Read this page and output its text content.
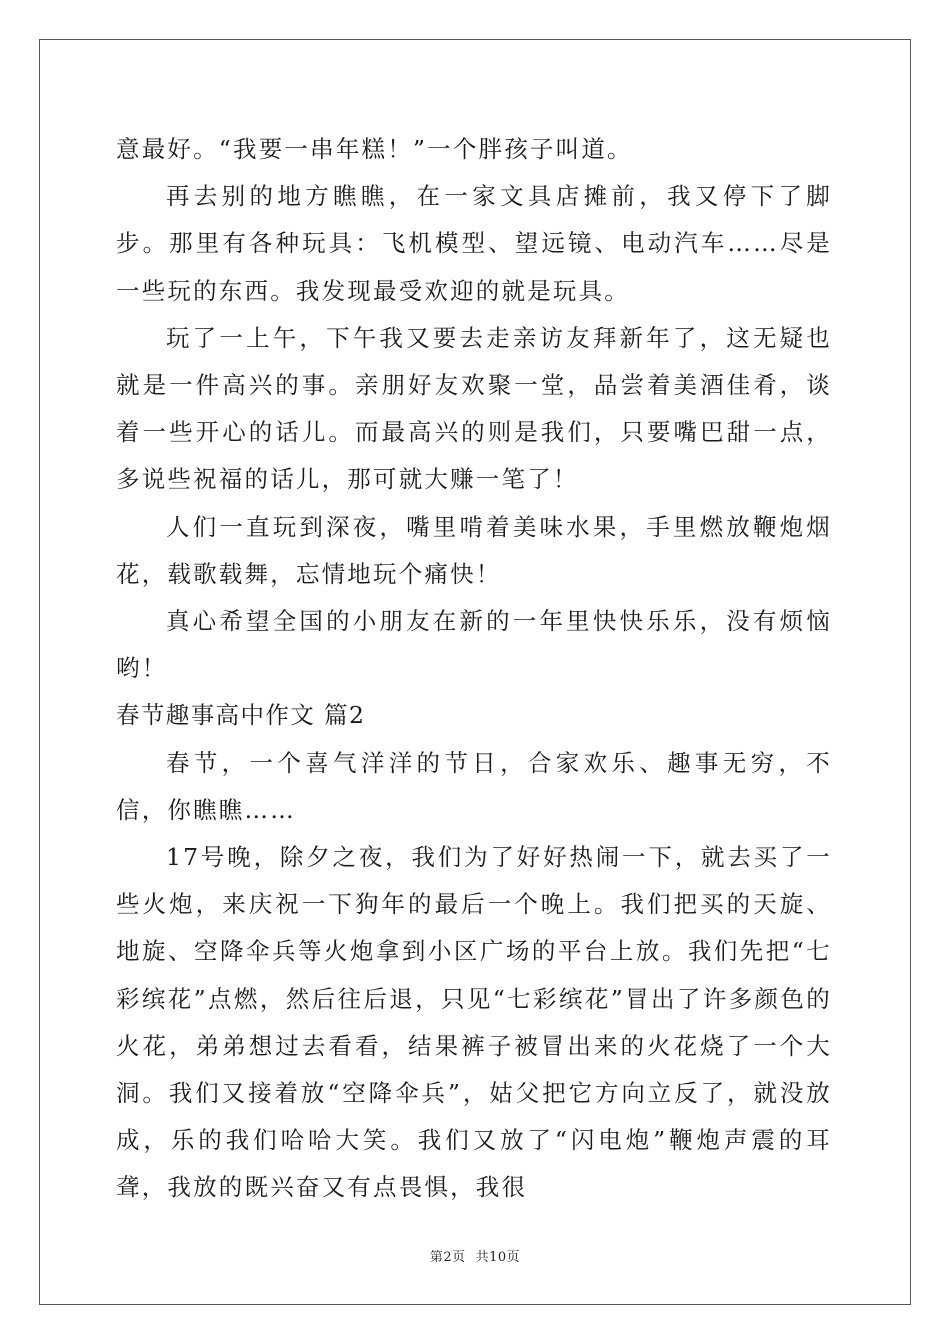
意最好。“我要一串年糕！”一个胖孩子叫道。

再去别的地方瞧瞧，在一家文具店摊前，我又停下了脚步。那里有各种玩具：飞机模型、望远镜、电动汽车……尽是一些玩的东西。我发现最受欢迎的就是玩具。

玩了一上午，下午我又要去走亲访友拜新年了，这无疑也就是一件高兴的事。亲朋好友欢聚一堂，品尝着美酒佳肴，谈着一些开心的话儿。而最高兴的则是我们，只要嘴巴甜一点，多说些祝福的话儿，那可就大赚一笔了！

人们一直玩到深夜，嘴里啃着美味水果，手里燃放鞭炮烟花，载歌载舞，忘情地玩个痛快！

真心希望全国的小朋友在新的一年里快快乐乐，没有烦恼哟！

春节趣事高中作文 篇2

春节，一个喜气洋洋的节日，合家欢乐、趣事无穷，不信，你瞧瞧……

17号晚，除夕之夜，我们为了好好热闹一下，就去买了一些火炮，来庆祝一下狗年的最后一个晚上。我们把买的天旋、地旋、空降伞兵等火炮拿到小区广场的平台上放。我们先把“七彩缤花”点燃，然后往后退，只见“七彩缤花”冒出了许多颜色的火花，弟弟想过去看看，结果裤子被冒出来的火花烧了一个大洞。我们又接着放“空降伞兵”，姑父把它方向立反了，就没放成，乐的我们哈哈大笑。我们又放了“闪电炮”鞭炮声震的耳聋，我放的既兴奋又有点畏惧，我很

第2页 共10页
